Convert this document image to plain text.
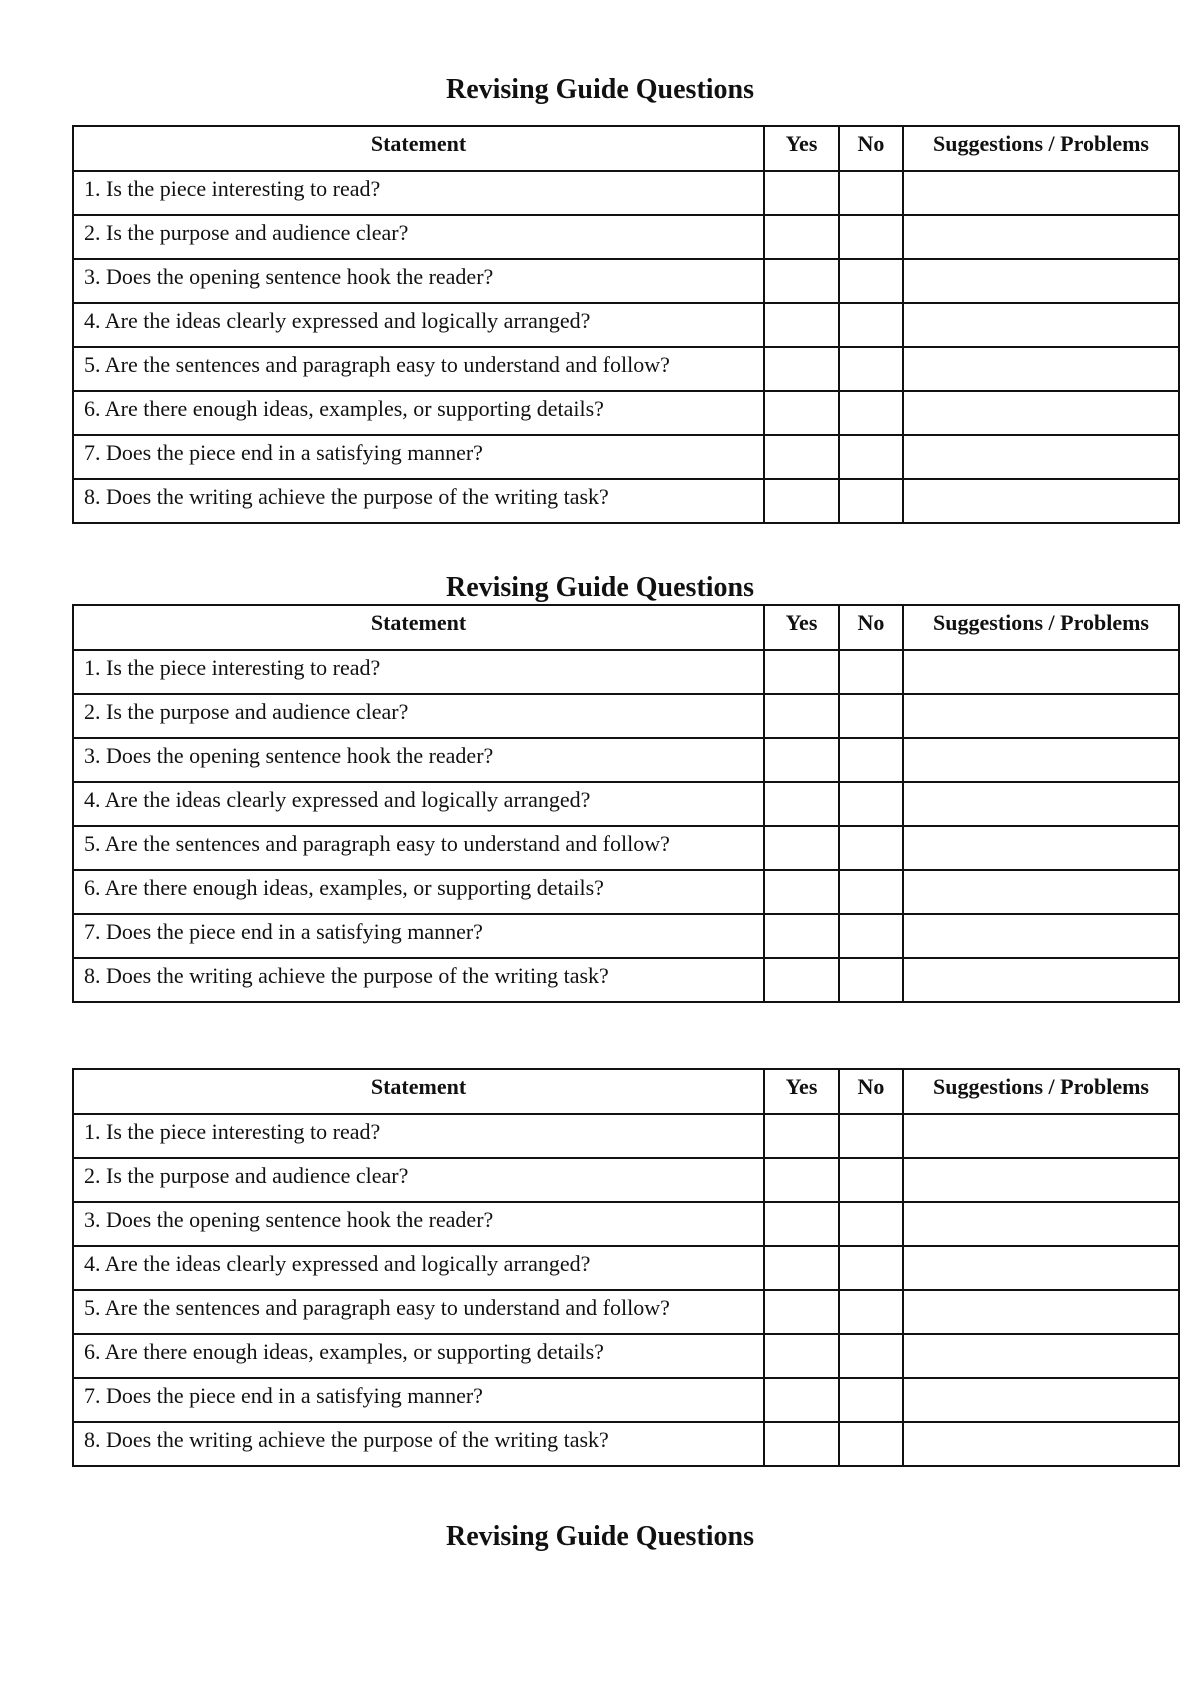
Revising Guide Questions
Statement	Yes	No	Suggestions / Problems
1. Is the piece interesting to read?			
2. Is the purpose and audience clear?			
3. Does the opening sentence hook the reader?			
4. Are the ideas clearly expressed and logically arranged?			
5. Are the sentences and paragraph easy to understand and follow?			
6. Are there enough ideas, examples, or supporting details?			
7. Does the piece end in a satisfying manner?			
8. Does the writing achieve the purpose of the writing task?			
Revising Guide Questions
Statement	Yes	No	Suggestions / Problems
1. Is the piece interesting to read?			
2. Is the purpose and audience clear?			
3. Does the opening sentence hook the reader?			
4. Are the ideas clearly expressed and logically arranged?			
5. Are the sentences and paragraph easy to understand and follow?			
6. Are there enough ideas, examples, or supporting details?			
7. Does the piece end in a satisfying manner?			
8. Does the writing achieve the purpose of the writing task?			
Statement	Yes	No	Suggestions / Problems
1. Is the piece interesting to read?			
2. Is the purpose and audience clear?			
3. Does the opening sentence hook the reader?			
4. Are the ideas clearly expressed and logically arranged?			
5. Are the sentences and paragraph easy to understand and follow?			
6. Are there enough ideas, examples, or supporting details?			
7. Does the piece end in a satisfying manner?			
8. Does the writing achieve the purpose of the writing task?			
Revising Guide Questions
